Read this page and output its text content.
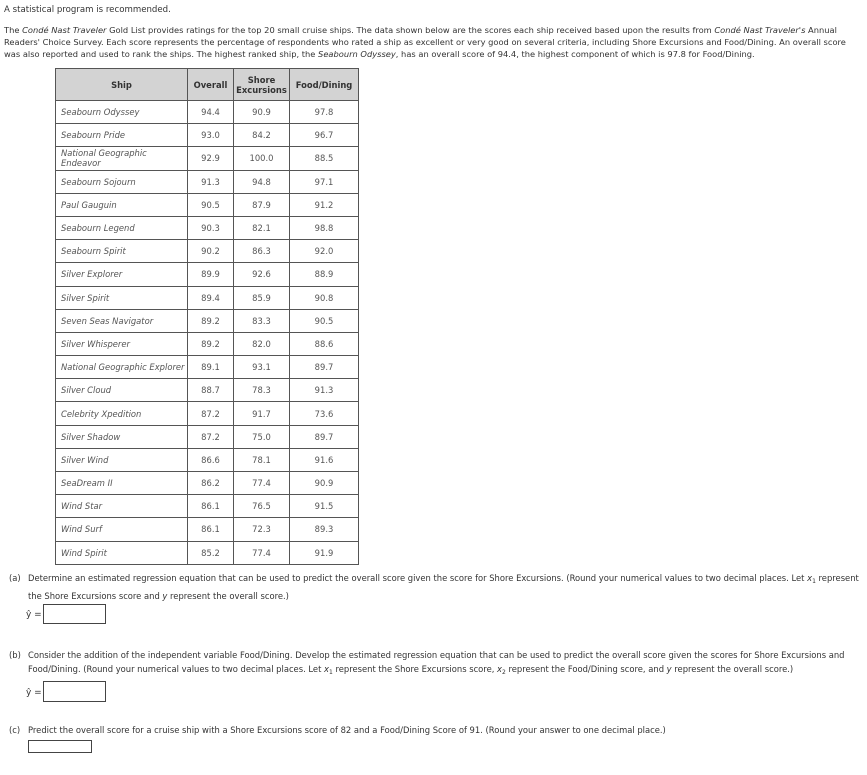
A statistical program is recommended.
The Condé Nast Traveler Gold List provides ratings for the top 20 small cruise ships. The data shown below are the scores each ship received based upon the results from Condé Nast Traveler's Annual Readers' Choice Survey. Each score represents the percentage of respondents who rated a ship as excellent or very good on several criteria, including Shore Excursions and Food/Dining. An overall score was also reported and used to rank the ships. The highest ranked ship, the Seabourn Odyssey, has an overall score of 94.4, the highest component of which is 97.8 for Food/Dining.
Ship	Overall	Shore Excursions	Food/Dining
Seabourn Odyssey	94.4	90.9	97.8
Seabourn Pride	93.0	84.2	96.7
National Geographic Endeavor	92.9	100.0	88.5
Seabourn Sojourn	91.3	94.8	97.1
Paul Gauguin	90.5	87.9	91.2
Seabourn Legend	90.3	82.1	98.8
Seabourn Spirit	90.2	86.3	92.0
Silver Explorer	89.9	92.6	88.9
Silver Spirit	89.4	85.9	90.8
Seven Seas Navigator	89.2	83.3	90.5
Silver Whisperer	89.2	82.0	88.6
National Geographic Explorer	89.1	93.1	89.7
Silver Cloud	88.7	78.3	91.3
Celebrity Xpedition	87.2	91.7	73.6
Silver Shadow	87.2	75.0	89.7
Silver Wind	86.6	78.1	91.6
SeaDream II	86.2	77.4	90.9
Wind Star	86.1	76.5	91.5
Wind Surf	86.1	72.3	89.3
Wind Spirit	85.2	77.4	91.9
(a) Determine an estimated regression equation that can be used to predict the overall score given the score for Shore Excursions. (Round your numerical values to two decimal places. Let $x_1$ represent the Shore Excursions score and y represent the overall score.)
ŷ =
(b) Consider the addition of the independent variable Food/Dining. Develop the estimated regression equation that can be used to predict the overall score given the scores for Shore Excursions and Food/Dining. (Round your numerical values to two decimal places. Let $x_1$ represent the Shore Excursions score, $x_2$ represent the Food/Dining score, and y represent the overall score.)
ŷ =
(c) Predict the overall score for a cruise ship with a Shore Excursions score of 82 and a Food/Dining Score of 91. (Round your answer to one decimal place.)
